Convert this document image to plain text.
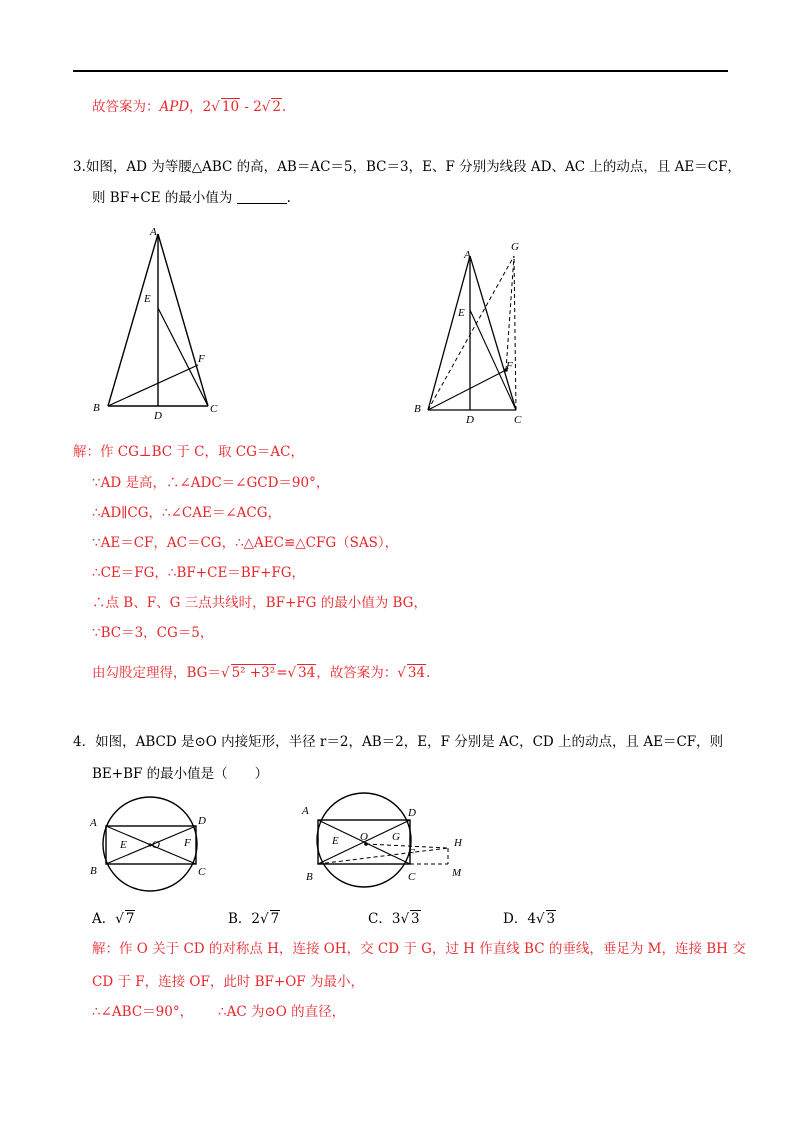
故答案为：APD，2√ 10 - 2√ 2.
3.如图，AD 为等腰△ABC 的高，AB＝AC＝5，BC＝3，E、F 分别为线段 AD、AC 上的动点，且 AE＝CF，
则 BF+CE 的最小值为	.
A
E
F
B
D
C
A
G
E
F
B
D	C
解：作 CG⊥BC 于 C，取 CG＝AC，
∵AD 是高，∴∠ADC＝∠GCD＝90°，
∴AD∥CG，∴∠CAE＝∠ACG，
∵AE＝CF，AC＝CG，∴△AEC≌△CFG（SAS），
∴CE＝FG，∴BF+CE＝BF+FG，
∴点 B、F、G 三点共线时，BF+FG 的最小值为 BG，
∵BC＝3，CG＝5，
由勾股定理得，BG＝√ 5² +3²=√ 34，故答案为：√ 34.
4．如图，ABCD 是⊙O 内接矩形，半径 r＝2，AB＝2，E，F 分别是 AC，CD 上的动点，且 AE＝CF，则
BE+BF 的最小值是（　　）
A	D
E O F
B	C
A	D
E O G	H
F
M
B	C
A．√ 7	B．2√ 7	C．3√ 3	D．4√ 3
解：作 O 关于 CD 的对称点 H，连接 OH，交 CD 于 G，过 H 作直线 BC 的垂线，垂足为 M，连接 BH 交
CD 于 F，连接 OF，此时 BF+OF 为最小，
∴∠ABC＝90°， ∴AC 为⊙O 的直径，
